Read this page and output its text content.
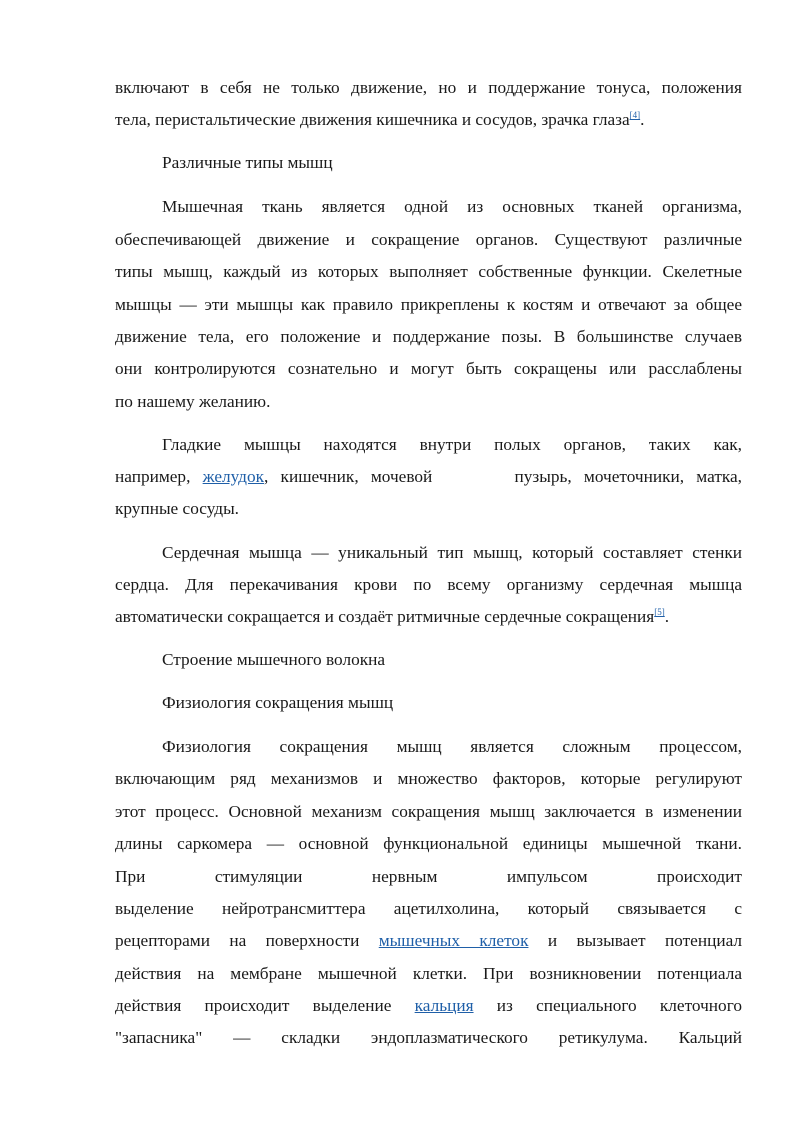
включают в себя не только движение, но и поддержание тонуса, положения
тела, перистальтические движения кишечника и сосудов, зрачка глаза[4].
Различные типы мышц
Мышечная ткань является одной из основных тканей организма,
обеспечивающей движение и сокращение органов. Существуют различные
типы мышц, каждый из которых выполняет собственные функции. Скелетные
мышцы — эти мышцы как правило прикреплены к костям и отвечают за общее
движение тела, его положение и поддержание позы. В большинстве случаев
они контролируются сознательно и могут быть сокращены или расслаблены
по нашему желанию.
Гладкие мышцы находятся внутри полых органов, таких как,
например, желудок, кишечник, мочевой	пузырь, мочеточники, матка,
крупные сосуды.
Сердечная мышца — уникальный тип мышц, который составляет стенки
сердца. Для перекачивания крови по всему организму сердечная мышца
автоматически сокращается и создаёт ритмичные сердечные сокращения[5].
Строение мышечного волокна
Физиология сокращения мышц
Физиология сокращения мышц является сложным процессом,
включающим ряд механизмов и множество факторов, которые регулируют
этот процесс. Основной механизм сокращения мышц заключается в изменении
длины саркомера — основной функциональной единицы мышечной ткани.
При стимуляции нервным импульсом происходит
выделение нейротрансмиттера ацетилхолина, который связывается с
рецепторами на поверхности мышечных клеток и вызывает потенциал
действия на мембране мышечной клетки. При возникновении потенциала
действия происходит выделение кальция из специального клеточного
"запасника" — складки эндоплазматического ретикулума. Кальций
